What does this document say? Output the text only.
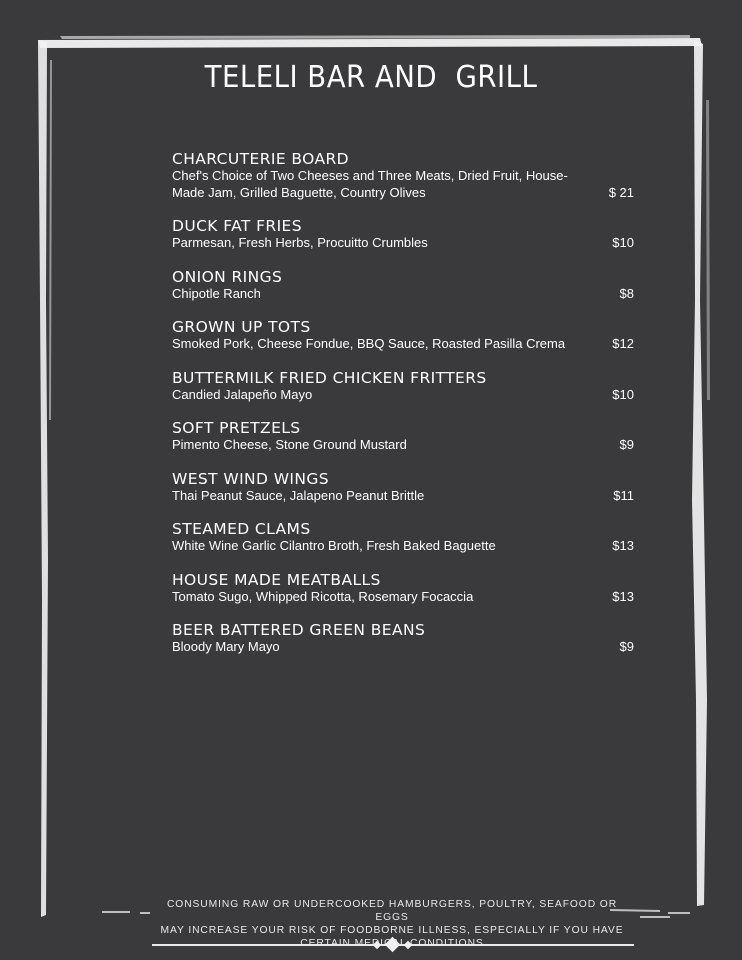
TELELI BAR AND  GRILL
CHARCUTERIE BOARD
Chef's Choice of Two Cheeses and Three Meats, Dried Fruit, House-Made Jam, Grilled Baguette, Country Olives	$ 21
DUCK FAT FRIES
Parmesan, Fresh Herbs, Procuitto Crumbles	$10
ONION RINGS
Chipotle Ranch	$8
GROWN UP TOTS
Smoked Pork, Cheese Fondue, BBQ Sauce, Roasted Pasilla Crema	$12
BUTTERMILK FRIED CHICKEN FRITTERS
Candied Jalapeño Mayo	$10
SOFT PRETZELS
Pimento Cheese, Stone Ground Mustard	$9
WEST WIND WINGS
Thai Peanut Sauce, Jalapeno Peanut Brittle	$11
STEAMED CLAMS
White Wine Garlic Cilantro Broth, Fresh Baked Baguette	$13
HOUSE MADE MEATBALLS
Tomato Sugo, Whipped Ricotta, Rosemary Focaccia	$13
BEER BATTERED GREEN BEANS
Bloody Mary Mayo	$9
CONSUMING RAW OR UNDERCOOKED HAMBURGERS, POULTRY, SEAFOOD OR EGGS
MAY INCREASE YOUR RISK OF FOODBORNE ILLNESS, ESPECIALLY IF YOU HAVE
